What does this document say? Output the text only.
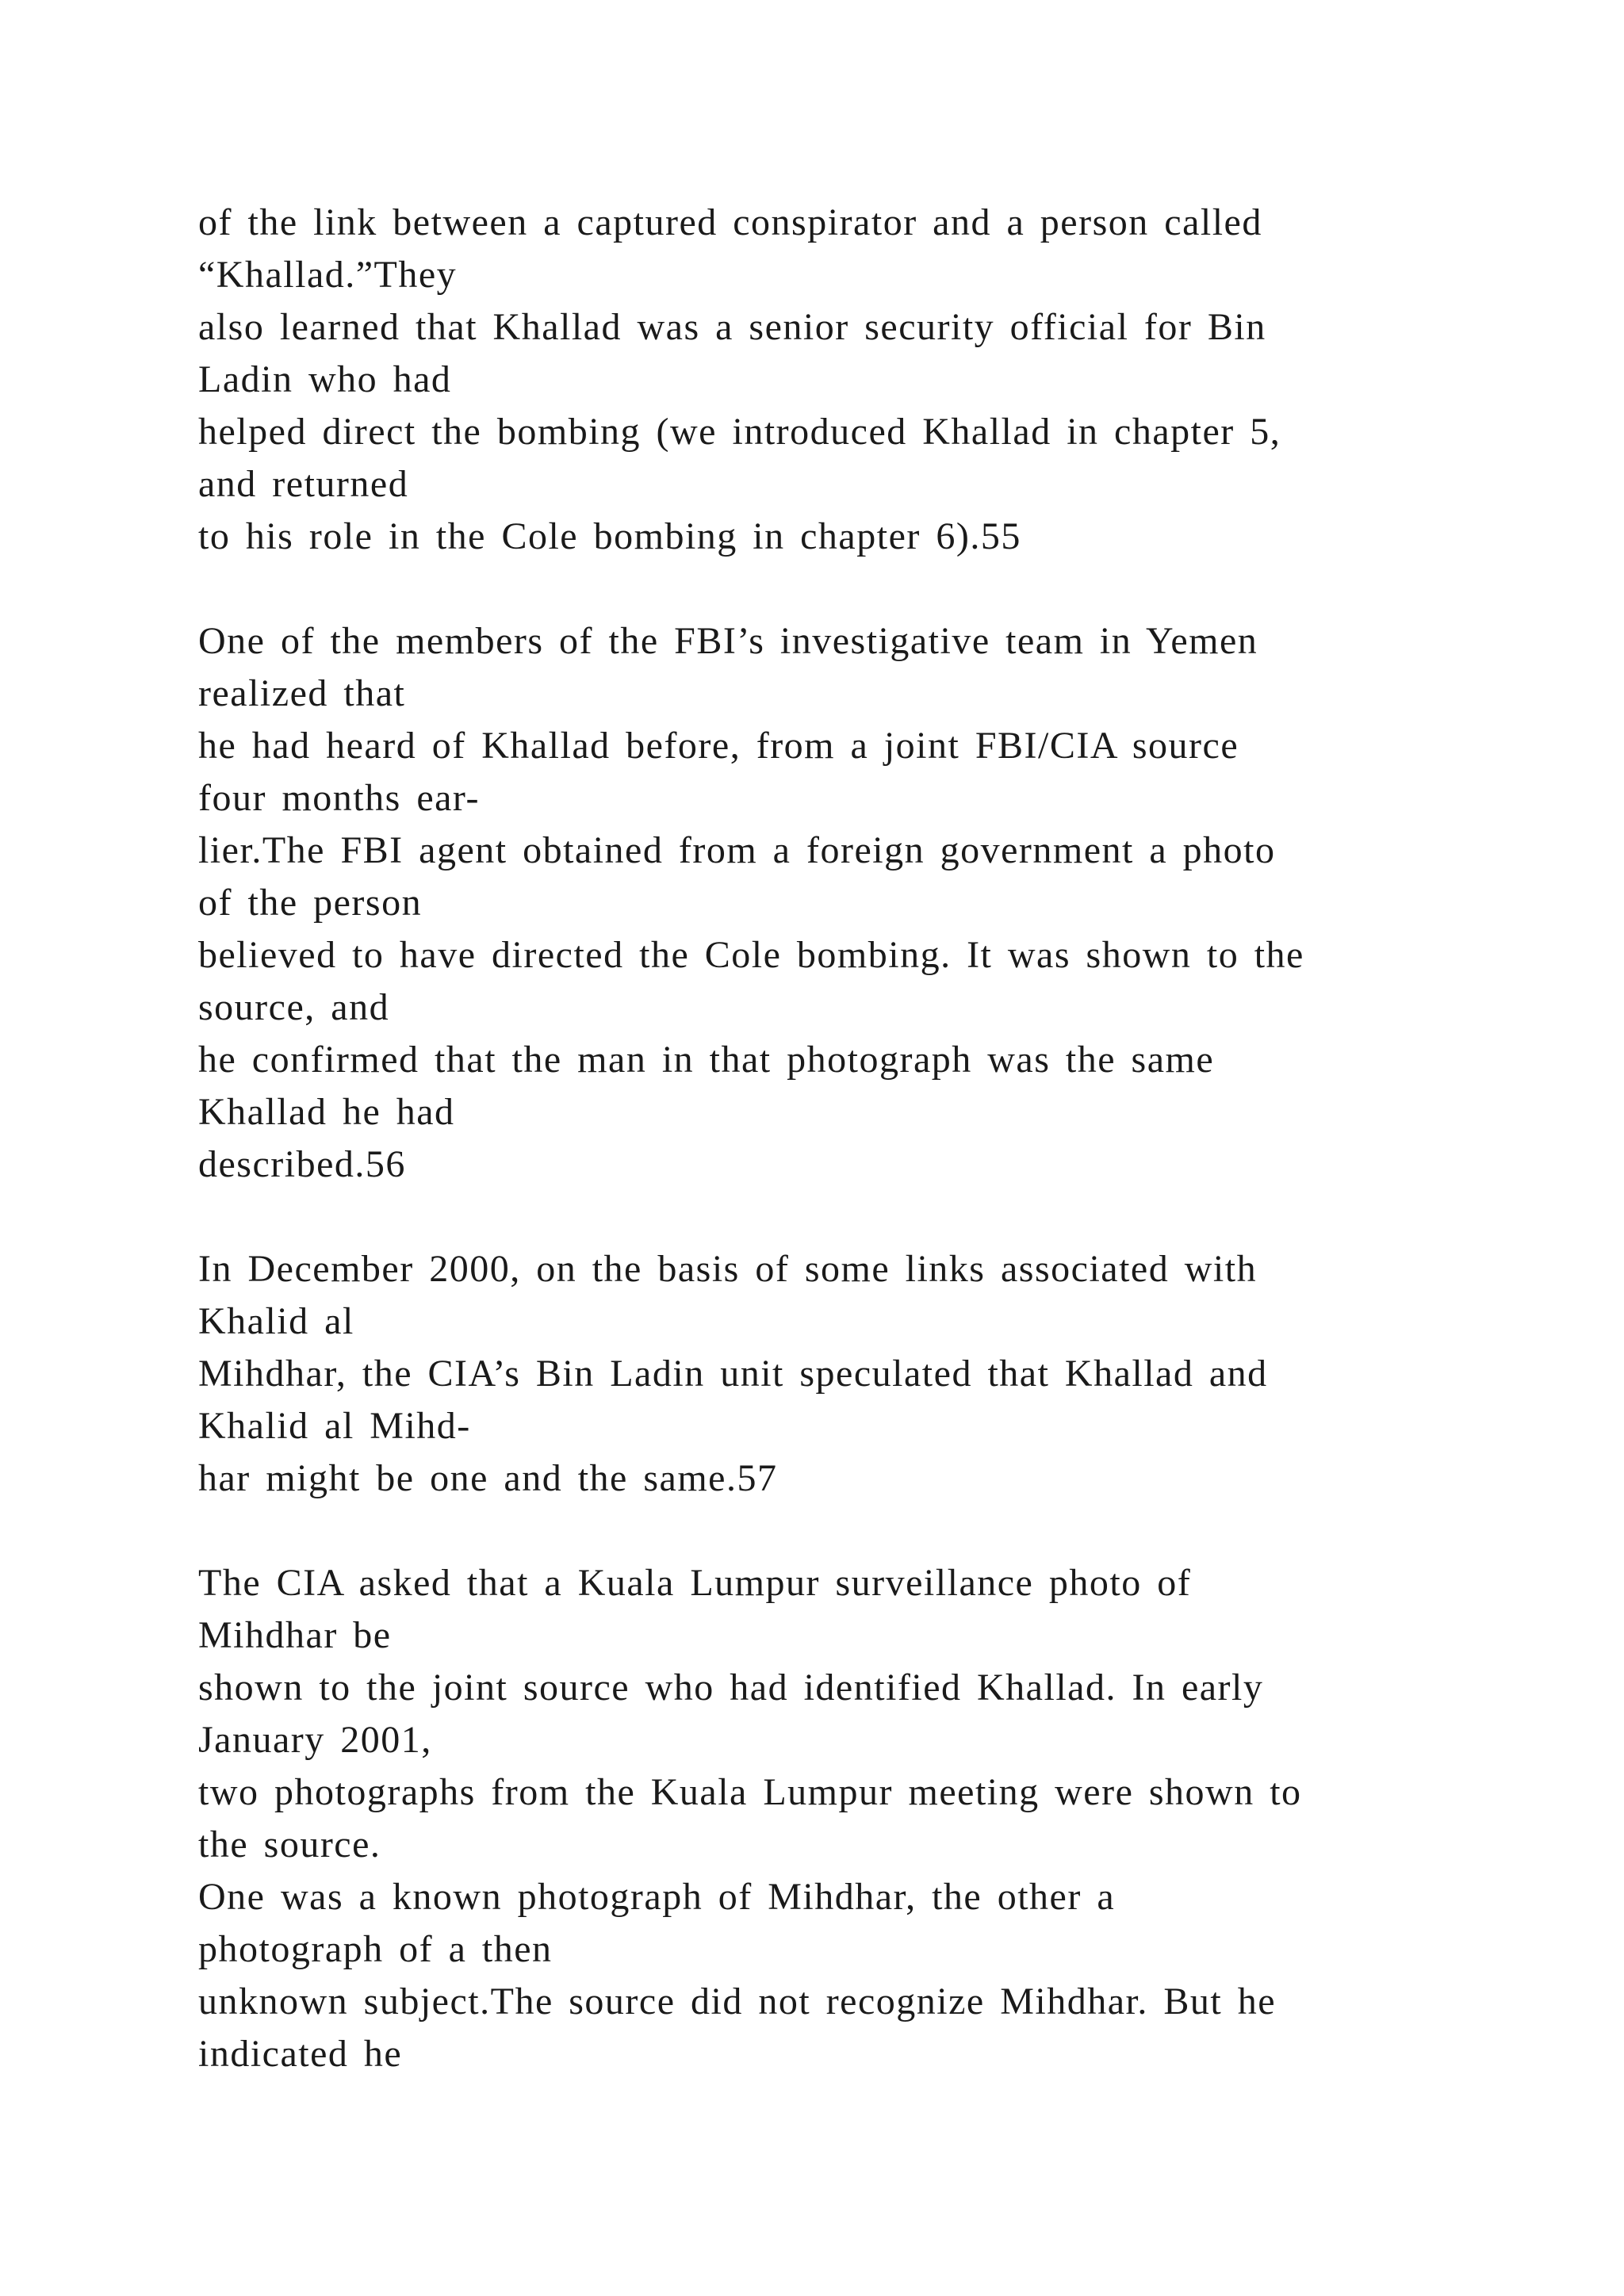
of the link between a captured conspirator and a person called
“Khallad.”They
also learned that Khallad was a senior security official for Bin
Ladin who had
helped direct the bombing (we introduced Khallad in chapter 5,
and returned
to his role in the Cole bombing in chapter 6).55
One of the members of the FBI’s investigative team in Yemen
realized that
he had heard of Khallad before, from a joint FBI/CIA source
four months ear-
lier.The FBI agent obtained from a foreign government a photo
of the person
believed to have directed the Cole bombing. It was shown to the
source, and
he confirmed that the man in that photograph was the same
Khallad he had
described.56
In December 2000, on the basis of some links associated with
Khalid al
Mihdhar, the CIA’s Bin Ladin unit speculated that Khallad and
Khalid al Mihd-
har might be one and the same.57
The CIA asked that a Kuala Lumpur surveillance photo of
Mihdhar be
shown to the joint source who had identified Khallad. In early
January 2001,
two photographs from the Kuala Lumpur meeting were shown to
the source.
One was a known photograph of Mihdhar, the other a
photograph of a then
unknown subject.The source did not recognize Mihdhar. But he
indicated he
